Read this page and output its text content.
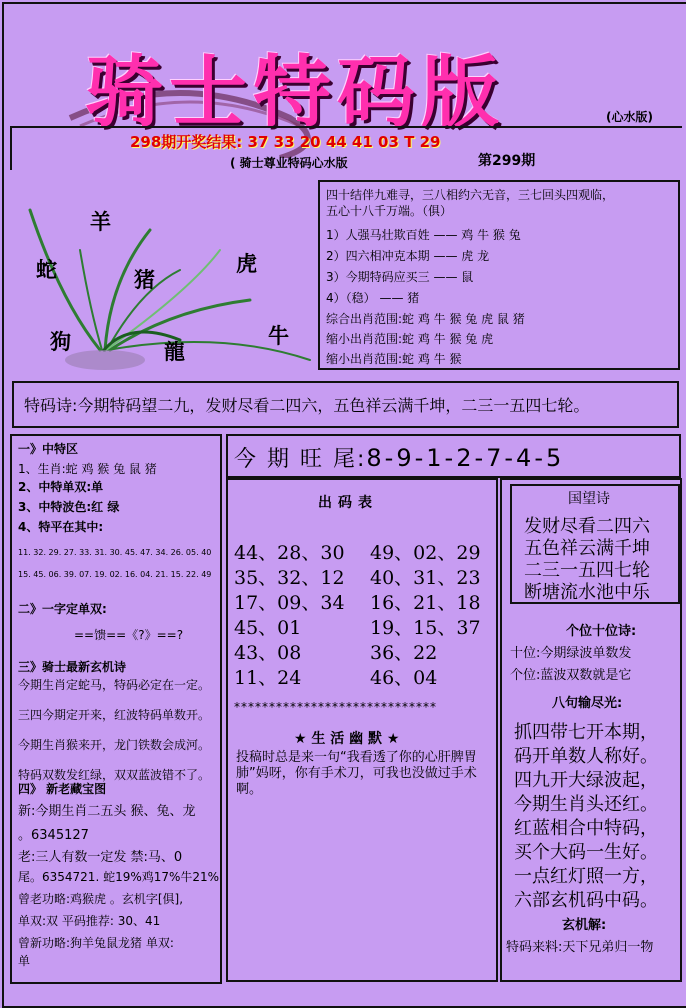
骑士特码版	(心水版)
298期开奖结果: 37 33 20 44 41 03 T 29
( 骑士尊业特码心水版	第299期
羊
蛇	猪
虎
狗	牛
龍
四十结伴九难寻，三八相约六无音，三七回头四观临，
五心十八千万端。（俱）
1）人强马壮欺百姓 —— 鸡 牛 猴 兔
2）四六相冲克本期 —— 虎 龙
3）今期特码应买三 —— 鼠
4）（稳） —— 猪
综合出肖范围:蛇 鸡 牛 猴 兔 虎 鼠 猪
缩小出肖范围:蛇 鸡 牛 猴 兔 虎
缩小出肖范围:蛇 鸡 牛 猴
特码诗:今期特码望二九，发财尽看二四六，五色祥云满千坤，二三一五四七轮。
一》中特区
1、生肖:蛇 鸡 猴 兔 鼠 猪
2、中特单双:单
3、中特波色:红 绿
4、特平在其中:
11. 32. 29. 27. 33. 31. 30. 45. 47. 34. 26. 05. 40
15. 45. 06. 39. 07. 19. 02. 16. 04. 21. 15. 22. 49
二》一字定单双:
==馈==《?》==?
三》骑士最新玄机诗
今期生肖定蛇马，特码必定在一定。
三四今期定开来，红波特码单数开。
今期生肖猴来开，龙门铁数会成河。
特码双数发红绿，双双蓝波错不了。
四》 新老藏宝图
新:今期生肖二五头 猴、兔、龙
。6345127
老:三人有数一定发 禁:马、0
尾。6354721. 蛇19%鸡17%牛21%
曾老功略:鸡猴虎 。玄机字[俱],
单双:双 平码推荐: 30、41
曾新功略:狗羊兔鼠龙猪 单双:
单
今 期 旺 尾:8-9-1-2-7-4-5
出码表
44、28、30 49、02、29
35、32、12 40、31、23
17、09、34 16、21、18
45、01	19、15、37
43、08	36、22
11、24	46、04
*****************************
★ 生 活 幽 默 ★
投稿时总是来一句“我看透了你的心肝脾胃肺”妈呀，你有手术刀，可我也没做过手术啊。
国望诗
发财尽看二四六
五色祥云满千坤
二三一五四七轮
断塘流水池中乐
个位十位诗:
十位:今期绿波单数发
个位:蓝波双数就是它
八句输尽光:
抓四带七开本期，
码开单数人称好。
四九开大绿波起，
今期生肖头还红。
红蓝相合中特码，
买个大码一生好。
一点红灯照一方，
六部玄机码中码。
玄机解:
特码来料:天下兄弟归一物
